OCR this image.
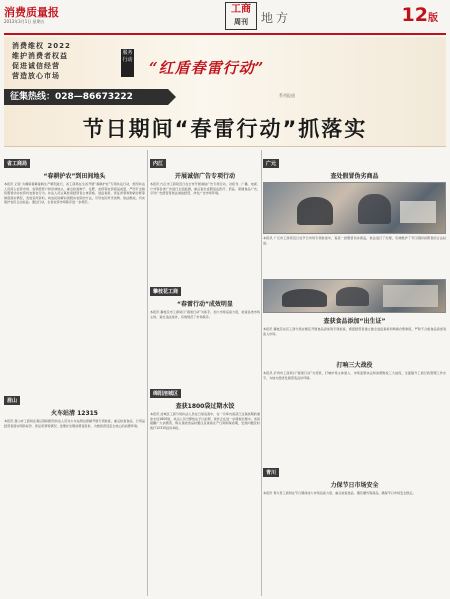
消费质量报
2013年3月1日 星期五
工商
周刊	地方	12版
消费维权 2022
维护消费者权益
促进诚信经营
营造放心市场
服务行动 “红盾春雷行动”
系列报道
征集热线：028—86673222
节日期间“春雷行动”抓落实
省工商局
“春耕护农”到田间地头
本报讯 记者 为确保春耕备耕生产顺利进行，省工商局在全省开展“春耕护农”专项执法行动，组织执法人员深入农资市场、农资经营户和田间地头，重点检查种子、化肥、农药等农资商品质量，严厉打击销售假冒伪劣农资坑农害农行为。执法人员认真检查经营者主体资格、进货查验、索证索票和购销台账等制度落实情况，发放宣传资料，向农民讲解识别假劣农资的方法，引导农民科学选购、依法维权，切实保护农民合法权益。通过行动，全省农资市场秩序进一步规范。
眉山
火车站清 12315
本报讯 眉山市工商局在春运期间组织执法人员对火车站周边商铺开展专项检查，重点检查食品、日用品经营者落实明码标价、索证索票等情况，受理并处理消费者投诉，为旅客营造安全放心的消费环境。
内江
开展诚信广告专项行动
本报讯 内江市工商局近日在全市开展诚信广告专项行动，对报刊、广播、电视、户外等各类广告进行全面监测，重点查处虚假违法医疗、药品、保健食品广告，引导广告经营者依法诚信经营，净化广告市场环境。
攀枝花工商
“春雷行动”成效明显
本报讯 攀枝花市工商局以“春雷行动”为抓手，加大市场巡查力度，检查各类市场主体，查处违法案件，有效规范了市场秩序。
绵阳涪城区
查获1800袋过期水饺
本报讯 涪城区工商分局执法人员在日常巡查中，在一冷库内查获已过保质期的速冻水饺1800袋，执法人员当即依法予以扣押，案件正在进一步调查处理中。该局提醒广大消费者，购买速冻食品时要注意查看生产日期和保质期，发现问题及时拨打12315投诉举报。
广元
查处假冒伪劣商品
本报讯 广元市工商局近日在节日市场专项检查中，查获一批假冒伪劣商品，依法进行了处理，有效维护了节日期间消费者的合法权益。
查获食品添加“出生证”
本报讯 攀枝花东区工商分局在辖区开展食品添加剂专项检查，督促经营者建立健全进货查验和购销台账制度，严防不合格食品添加剂流入市场。
打响三大战役
本报讯 泸州市工商局以“春雷行动”为契机，打响市场主体准入、市场监管执法和消费维权三大战役，全面提升工商行政管理工作水平，为地方经济发展营造良好环境。
青川
力保节日市场安全
本报讯 青川县工商局在节日期间加大市场巡查力度，重点检查食品、烟花爆竹等商品，确保节日市场安全稳定。
